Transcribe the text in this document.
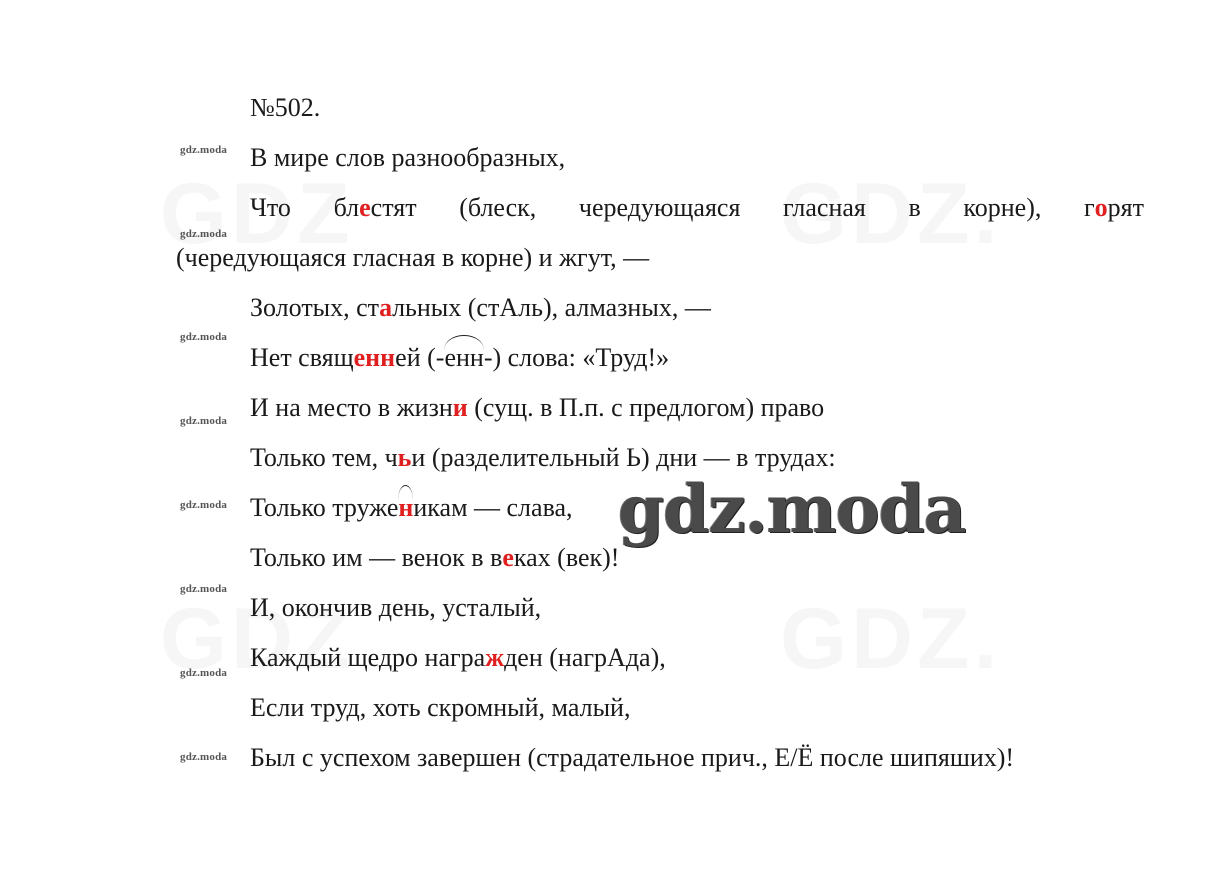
№502.
gdz.moda В мире слов разнообразных,
Что блестят (блеск, чередующаяся гласная в корне), горят
gdz.moda
(чередующаяся гласная в корне) и жгут, —
Золотых, стальных (стАль), алмазных, —
gdz.moda
Нет священней (-енн-) слова: «Труд!»
И на место в жизни (сущ. в П.п. с предлогом) право
gdz.moda
Только тем, чьи (разделительный Ь) дни — в трудах:
gdz.moda Только труженикам — слава,
Только им — венок в веках (век)!
gdz.moda
И, окончив день, усталый,
Каждый щедро награжден (нагрАда),
gdz.moda
Если труд, хоть скромный, малый,
gdz.moda Был с успехом завершен (страдательное прич., Е/Ё после шипяших)!
gdz.moda
